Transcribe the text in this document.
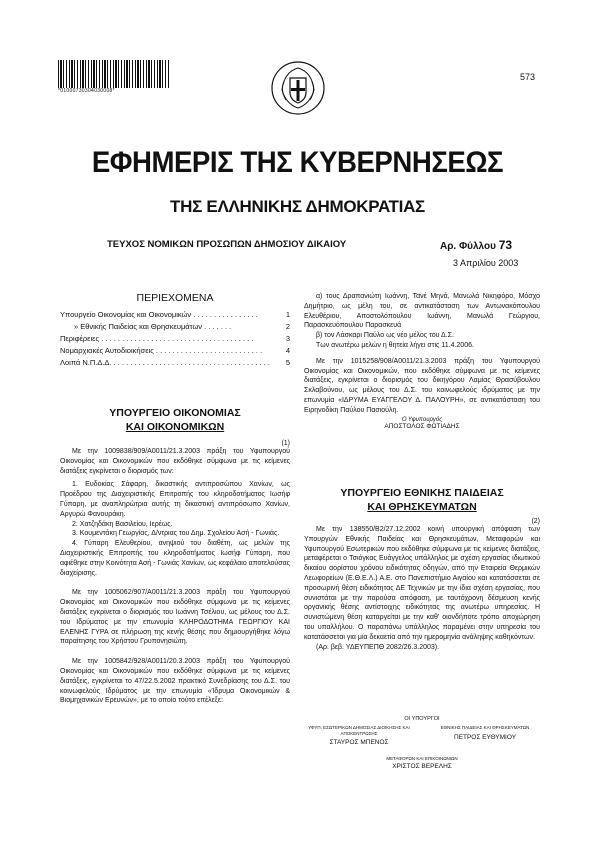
*01000730304030008*
573
ΕΦΗΜΕΡΙΣ ΤΗΣ ΚΥΒΕΡΝΗΣΕΩΣ
ΤΗΣ ΕΛΛΗΝΙΚΗΣ ΔΗΜΟΚΡΑΤΙΑΣ
ΤΕΥΧΟΣ ΝΟΜΙΚΩΝ ΠΡΟΣΩΠΩΝ ΔΗΜΟΣΙΟΥ ΔΙΚΑΙΟΥ	Αρ. Φύλλου 73
3 Απριλίου 2003
ΠΕΡΙΕΧΟΜΕΝΑ
Υπουργείο Οικονομίας και Οικονομικών . . . . . . . . . . . . . . . .	1
» Εθνικής Παιδείας και Θρησκευμάτων . . . . . . .	2
Περιφέρειες . . . . . . . . . . . . . . . . . . . . . . . . . . . . . . . . . . . . .	3
Νομαρχιακές Αυτοδιοικήσεις . . . . . . . . . . . . . . . . . . . . . . . . . .	4
Λοιπά Ν.Π.Δ.Δ. . . . . . . . . . . . . . . . . . . . . . . . . . . . . . . . . . . . . . . 5
ΥΠΟΥΡΓΕΙΟ ΟΙΚΟΝΟΜΙΑΣ
ΚΑΙ ΟΙΚΟΝΟΜΙΚΩΝ
(1)
Με την 1009838/909/Α0011/21.3.2003 πράξη του Υφυπουργού Οικονομίας και Οικονομικών που εκδόθηκε σύμφωνα με τις κείμενες διατάξεις εγκρίνεται ο διορισμός των:
1. Ευδοκίας Σάφαρη, δικαστικής αντιπροσώπου Χανίων, ως Προέδρου της Διαχειριστικής Επιτροπής του κληροδοτήματος Ιωσήφ Γύπαρη, με αναπληρώτρια αυτής τη δικαστική αντιπρόσωπο Χανίων, Αργυρώ Φανουράκη.
2. Χατζηδάκη Βασιλείου, Ιερέως.
3. Κουμεντάκη Γεωργίας, Δ/ντριας του Δημ. Σχολείου Ασή - Γωνιάς.
4. Γύπαρη Ελευθερίου, ανηψιού του διαθέτη, ως μελών της Διαχειριστικής Επιτροπής του κληροδοτήματος Ιωσήφ Γύπαρη, που αφιέθηκε στην Κοινότητα Ασή - Γωνιάς Χανίων, ως κεφάλαιο αποτελούσας διαχείρισης.
Με την 1005062/907/Α0011/21.3.2003 πράξη του Υφυπουργού Οικονομίας και Οικονομικών που εκδόθηκε σύμφωνα με τις κείμενες διατάξεις εγκρίνεται ο διορισμός του Ιωάννη Τσέλιου, ως μέλους του Δ.Σ. του Ιδρύματος με την επωνυμία ΚΛΗΡΟΔΟΤΗΜΑ ΓΕΩΡΓΙΟΥ ΚΑΙ ΕΛΕΝΗΣ ΓΥΡΑ σε πλήρωση της κενής θέσης που δημιουργήθηκε λόγω παραίτησης του Χρήστου Γρυπονησιώτη.
Με την 1005842/928/Α0011/20.3.2003 πράξη του Υφυπουργού Οικονομίας και Οικονομικών που εκδόθηκε σύμφωνα με τις κείμενες διατάξεις, εγκρίνεται το 47/22.5.2002 πρακτικό Συνεδρίασης του Δ.Σ. του κοινωφελούς Ιδρύματος με την επωνυμία «Ίδρυμα Οικονομικών & Βιομηχανικών Ερευνών», με το οποίο τούτο επέλεξε:
α) τους Δραπανιώτη Ιωάννη, Τανέ Μηνά, Μανωλά Νικηφόρο, Μόσχο Δημήτριο, ως μέλη του, σε αντικατάσταση των Αντωνακόπουλου Ελευθέριου, Αποστολόπουλου Ιωάννη, Μανωλά Γεώργιου, Παρασκευόπουλου Παρασκευά
β) τον Λάσκαρι Παύλο ως νέο μέλος του Δ.Σ.
Των ανωτέρω μελών η θητεία λήγει στις 11.4.2006.
Με την 1015258/908/Α0011/21.3.2003 πράξη του Υφυπουργού Οικονομίας και Οικονομικών, που εκδόθηκε σύμφωνα με τις κείμενες διατάξεις, εγκρίνεται ο διορισμός του δικηγόρου Λαμίας Θρασύβουλου Σκλαβούνου, ως μέλους του Δ.Σ. του κοινωφελούς ιδρύματος με την επωνυμία «ΙΔΡΥΜΑ ΕΥΑΓΓΕΛΟΥ Δ. ΠΑΛΟΥΡΗ», σε αντικατάσταση του Ειρηνοδίκη Παύλου Πασιούλη.
Ο Υφυπουργός
ΑΠΟΣΤΟΛΟΣ ΦΩΤΙΑΔΗΣ
ΥΠΟΥΡΓΕΙΟ ΕΘΝΙΚΗΣ ΠΑΙΔΕΙΑΣ
ΚΑΙ ΘΡΗΣΚΕΥΜΑΤΩΝ
(2)
Με την 138550/Β2/27.12.2002 κοινή υπουργική απόφαση των Υπουργών Εθνικής Παιδείας και Θρησκευμάτων, Μεταφορών και Υφυπουργού Εσωτερικών που εκδόθηκε σύμφωνα με τις κείμενες διατάξεις, μεταφέρεται ο Τσιόγκας Ευάγγελος υπάλληλος με σχέση εργασίας ιδιωτικού δικαίου αορίστου χρόνου ειδικότητας οδηγών, από την Εταιρεία Θερμικών Λεωφορείων (Ε.Θ.Ε.Λ.) Α.Ε. στο Πανεπιστήμιο Αιγαίου και κατατάσσεται σε προσωρινή θέση ειδικότητας ΔΕ Τεχνικών με την ίδια σχέση εργασίας, που συνιστάται με την παρούσα απόφαση, με ταυτόχρονη δέσμευση κενής οργανικής θέσης αντίστοιχης ειδικότητας της ανωτέρω υπηρεσίας. Η συνιστώμενη θέση καταργείται με την καθ' οιονδήποτε τρόπο αποχώρηση του υπαλλήλου. Ο παραπάνω υπάλληλος παραμένει στην υπηρεσία του κατατάσσεται για μία δεκαετία από την ημερομηνία ανάληψης καθηκόντων.
(Αρ. βεβ. ΥΔΕΥΠΕΠΘ 2082/26.3.2003).
ΟΙ ΥΠΟΥΡΓΟΙ
ΥΦΥΠ. ΕΣΩΤΕΡΙΚΩΝ ΔΗΜΟΣΙΑΣ ΔΙΟΙΚΗΣΗΣ ΚΑΙ ΑΠΟΚΕΝΤΡΩΣΗΣ
ΣΤΑΥΡΟΣ ΜΠΕΝΟΣ
ΕΘΝΙΚΗΣ ΠΑΙΔΕΙΑΣ ΚΑΙ ΘΡΗΣΚΕΥΜΑΤΩΝ
ΠΕΤΡΟΣ ΕΥΘΥΜΙΟΥ
ΜΕΤΑΦΟΡΩΝ ΚΑΙ ΕΠΙΚΟΙΝΩΝΙΩΝ
ΧΡΙΣΤΟΣ ΒΕΡΕΛΗΣ
